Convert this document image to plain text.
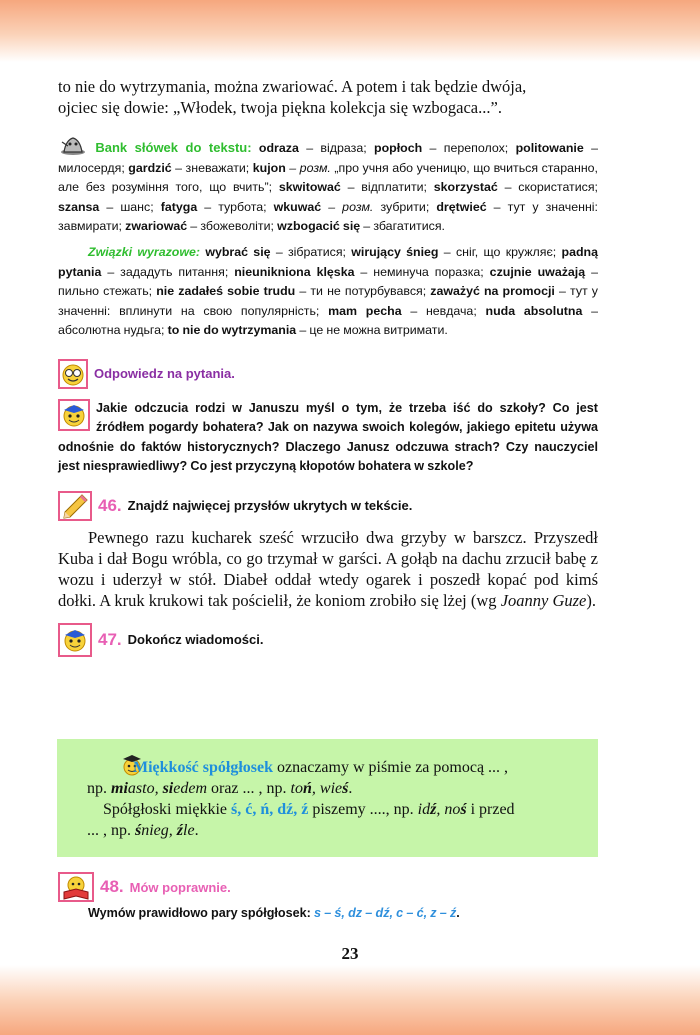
to nie do wytrzymania, można zwariować. A potem i tak będzie dwója,
ojciec się dowie: „Włodek, twoja piękna kolekcja się wzbogaca...”.

Bank słówek do tekstu: odraza – відраза; popłoch – переполох; politowanie – милосердя; gardzić – зневажати; kujon – розм. „про учня або ученицю, що вчиться старанно, але без розуміння того, що вчить”; skwitować – відплатити; skorzystać – скористатися; szansa – шанс; fatyga – турбота; wkuwać – розм. зубрити; drętwieć – тут у значенні: завмирати; zwariować – збожеволіти; wzbogacić się – збагатитися.

Związki wyrazowe: wybrać się – зібратися; wirujący śnieg – сніг, що кружляє; padną pytania – зададуть питання; nieunikniona klęska – неминуча поразка; czujnie uważają – пильно стежать; nie zadałeś sobie trudu – ти не потурбувався; zaważyć na promocji – тут у значенні: вплинути на свою популярність; mam pecha – невдача; nuda absolutna – абсолютна нудьга; to nie do wytrzymania – це не можна витримати.

Odpowiedz na pytania.

Jakie odczucia rodzi w Januszu myśl o tym, że trzeba iść do szkoły? Co jest źródłem pogardy bohatera? Jak on nazywa swoich kolegów, jakiego epitetu używa odnośnie do faktów historycznych? Dlaczego Janusz odczuwa strach? Czy nauczyciel jest niesprawiedliwy? Co jest przyczyną kłopotów bohatera w szkole?

46. Znajdź najwięcej przysłów ukrytych w tekście.

Pewnego razu kucharek sześć wrzuciło dwa grzyby w barszcz. Przyszedł Kuba i dał Bogu wróbla, co go trzymał w garści. A gołąb na dachu zrzucił babę z wozu i uderzył w stół. Diabeł oddał wtedy ogarek i poszedł kopać pod kimś dołki. A kruk krukowi tak pościelił, że koniom zrobiło się lżej (wg Joanny Guze).

47. Dokończ wiadomości.

Miękkość spółgłosek oznaczamy w piśmie za pomocą ... ,
np. miasto, siedem oraz ... , np. toń, wieś.

Spółgłoski miękkie ś, ć, ń, dź, ź piszemy ...., np. idź, noś i przed
... , np. śnieg, źle.

48. Mów poprawnie.

Wymów prawidłowo pary spółgłosek: s – ś, dz – dź, c – ć, z – ź.

23
